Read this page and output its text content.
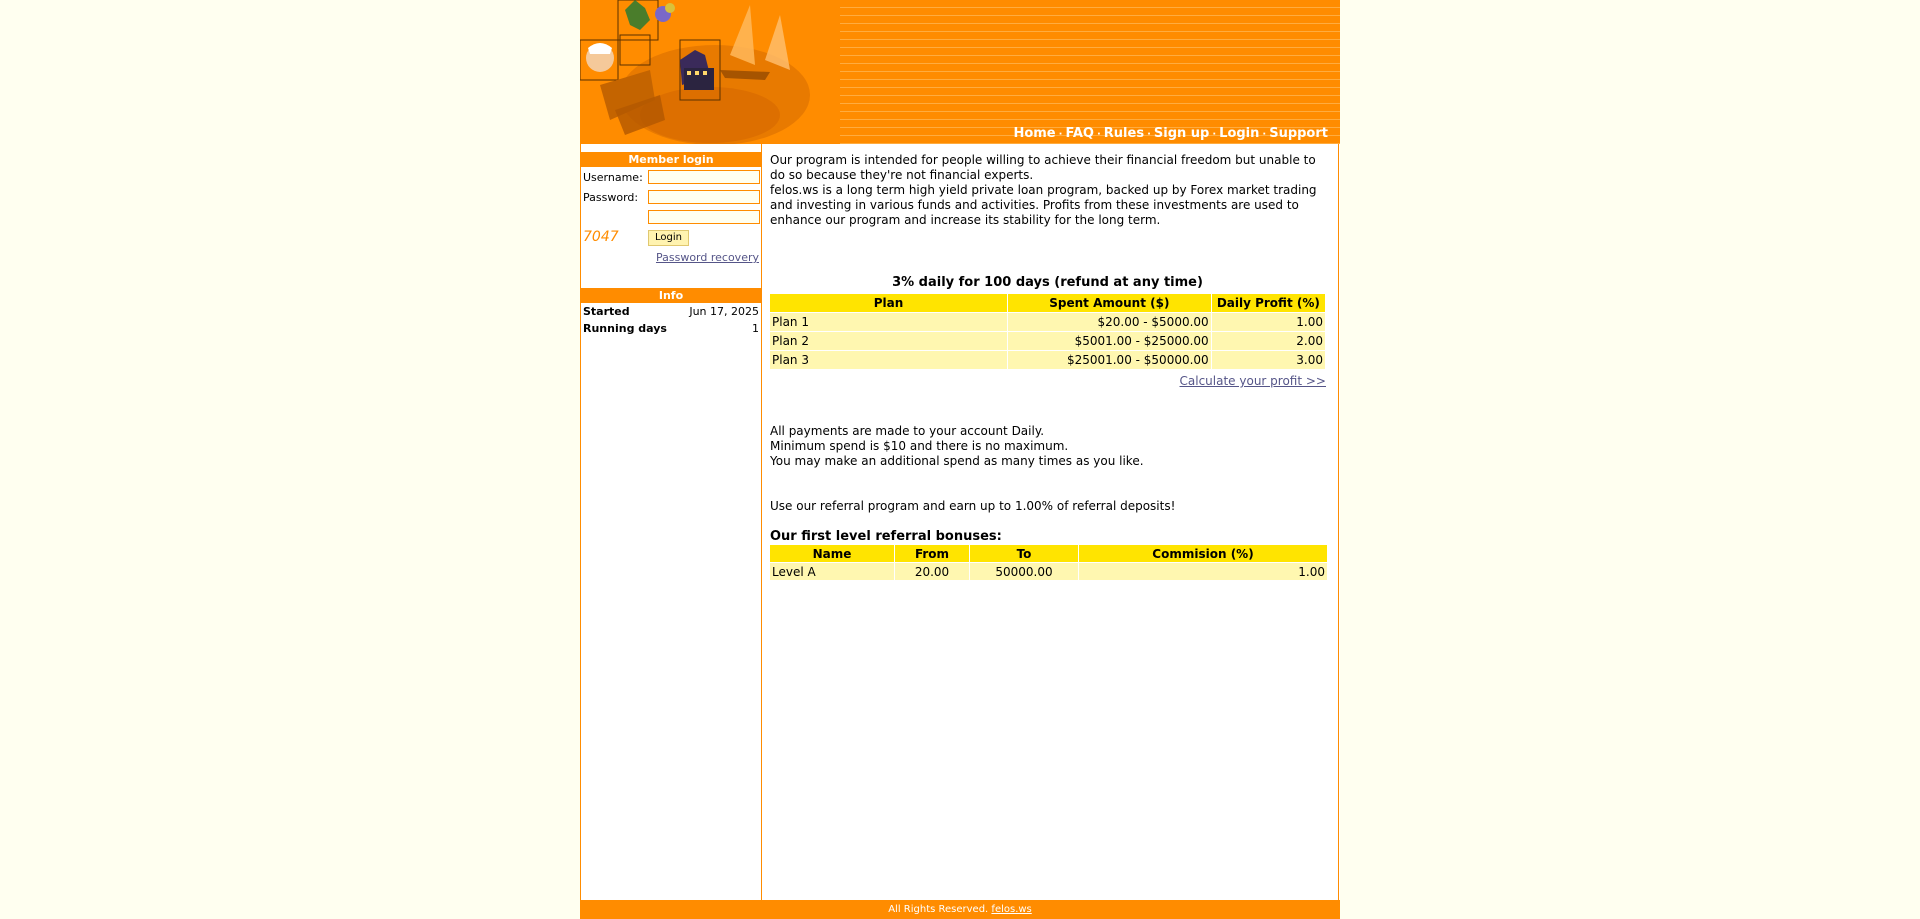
Home · FAQ · Rules · Sign up · Login · Support
Member login
Username:
Password:
7047	Login
Password recovery
Info
Started	Jun 17, 2025
Running days	1

Our program is intended for people willing to achieve their financial freedom but unable to do so because they're not financial experts.

felos.ws is a long term high yield private loan program, backed up by Forex market trading and investing in various funds and activities. Profits from these investments are used to enhance our program and increase its stability for the long term.

3% daily for 100 days (refund at any time)
Plan	Spent Amount ($)	Daily Profit (%)
Plan 1	$20.00 - $5000.00	1.00
Plan 2	$5001.00 - $25000.00	2.00
Plan 3	$25001.00 - $50000.00	3.00
Calculate your profit >>

All payments are made to your account Daily.

Minimum spend is $10 and there is no maximum.

You may make an additional spend as many times as you like.

Use our referral program and earn up to 1.00% of referral deposits!
Our first level referral bonuses:
Name	From	To	Commision (%)
Level A	20.00	50000.00	1.00
All Rights Reserved. felos.ws
